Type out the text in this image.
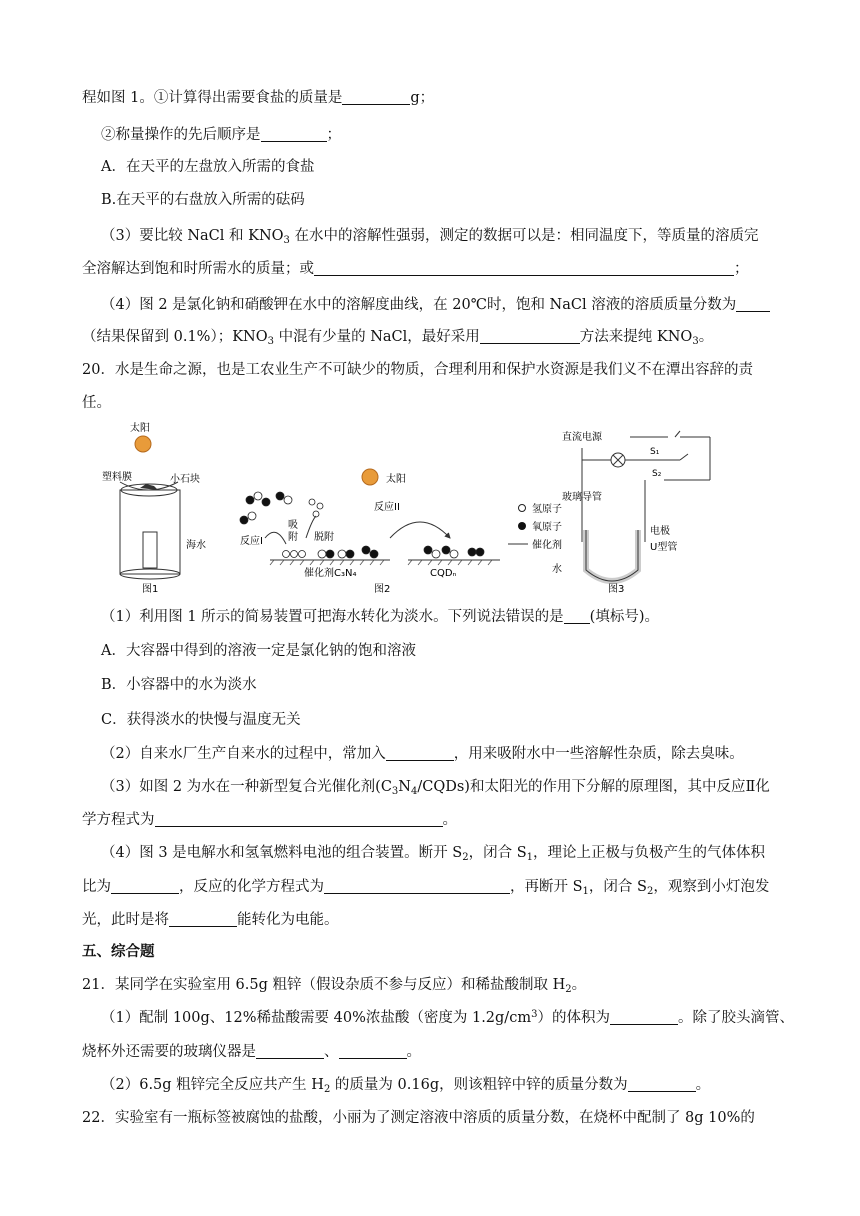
程如图 1。①计算得出需要食盐的质量是	g；
②称量操作的先后顺序是	；
A．在天平的左盘放入所需的食盐
B.在天平的右盘放入所需的砝码
（3）要比较 NaCl 和 $KNO_3$ 在水中的溶解性强弱，测定的数据可以是：相同温度下，等质量的溶质完
全溶解达到饱和时所需水的质量；或	；
（4）图 2 是氯化钠和硝酸钾在水中的溶解度曲线，在 20℃时，饱和 NaCl 溶液的溶质质量分数为
（结果保留到 0.1%）；$KNO_3$ 中混有少量的 NaCl，最好采用	方法来提纯 $KNO_3$。
20．水是生命之源，也是工农业生产不可缺少的物质，合理利用和保护水资源是我们义不在潭出容辞的责
任。
太阳
塑料膜	小石块
海水
图1
太阳
反应I
吸
附 脱附
反应II
催化剂C₃N₄	CQDₙ
图2
氢原子
氧原子
催化剂
直流电源
S₁
S₂
玻璃导管
电极
U型管
水
图3
（1）利用图 1 所示的简易装置可把海水转化为淡水。下列说法错误的是 (填标号)。
A．大容器中得到的溶液一定是氯化钠的饱和溶液
B．小容器中的水为淡水
C．获得淡水的快慢与温度无关
（2）自来水厂生产自来水的过程中，常加入	，用来吸附水中一些溶解性杂质，除去臭味。
（3）如图 2 为水在一种新型复合光催化剂$(C_3N_4/CQDs)$和太阳光的作用下分解的原理图，其中反应Ⅱ化
学方程式为	。
（4）图 3 是电解水和氢氧燃料电池的组合装置。断开 $S_2$，闭合 $S_1$，理论上正极与负极产生的气体体积
比为	，反应的化学方程式为	，再断开 $S_1$，闭合 $S_2$，观察到小灯泡发
光，此时是将	能转化为电能。
五、综合题
21．某同学在实验室用 6.5g 粗锌（假设杂质不参与反应）和稀盐酸制取 $H_2$。
（1）配制 100g、12%稀盐酸需要 40%浓盐酸（密度为 $1.2g/cm^3$）的体积为	。除了胶头滴管、
烧杯外还需要的玻璃仪器是	、	。
（2）6.5g 粗锌完全反应共产生 $H_2$ 的质量为 0.16g，则该粗锌中锌的质量分数为	。
22．实验室有一瓶标签被腐蚀的盐酸，小丽为了测定溶液中溶质的质量分数，在烧杯中配制了 8g 10%的
